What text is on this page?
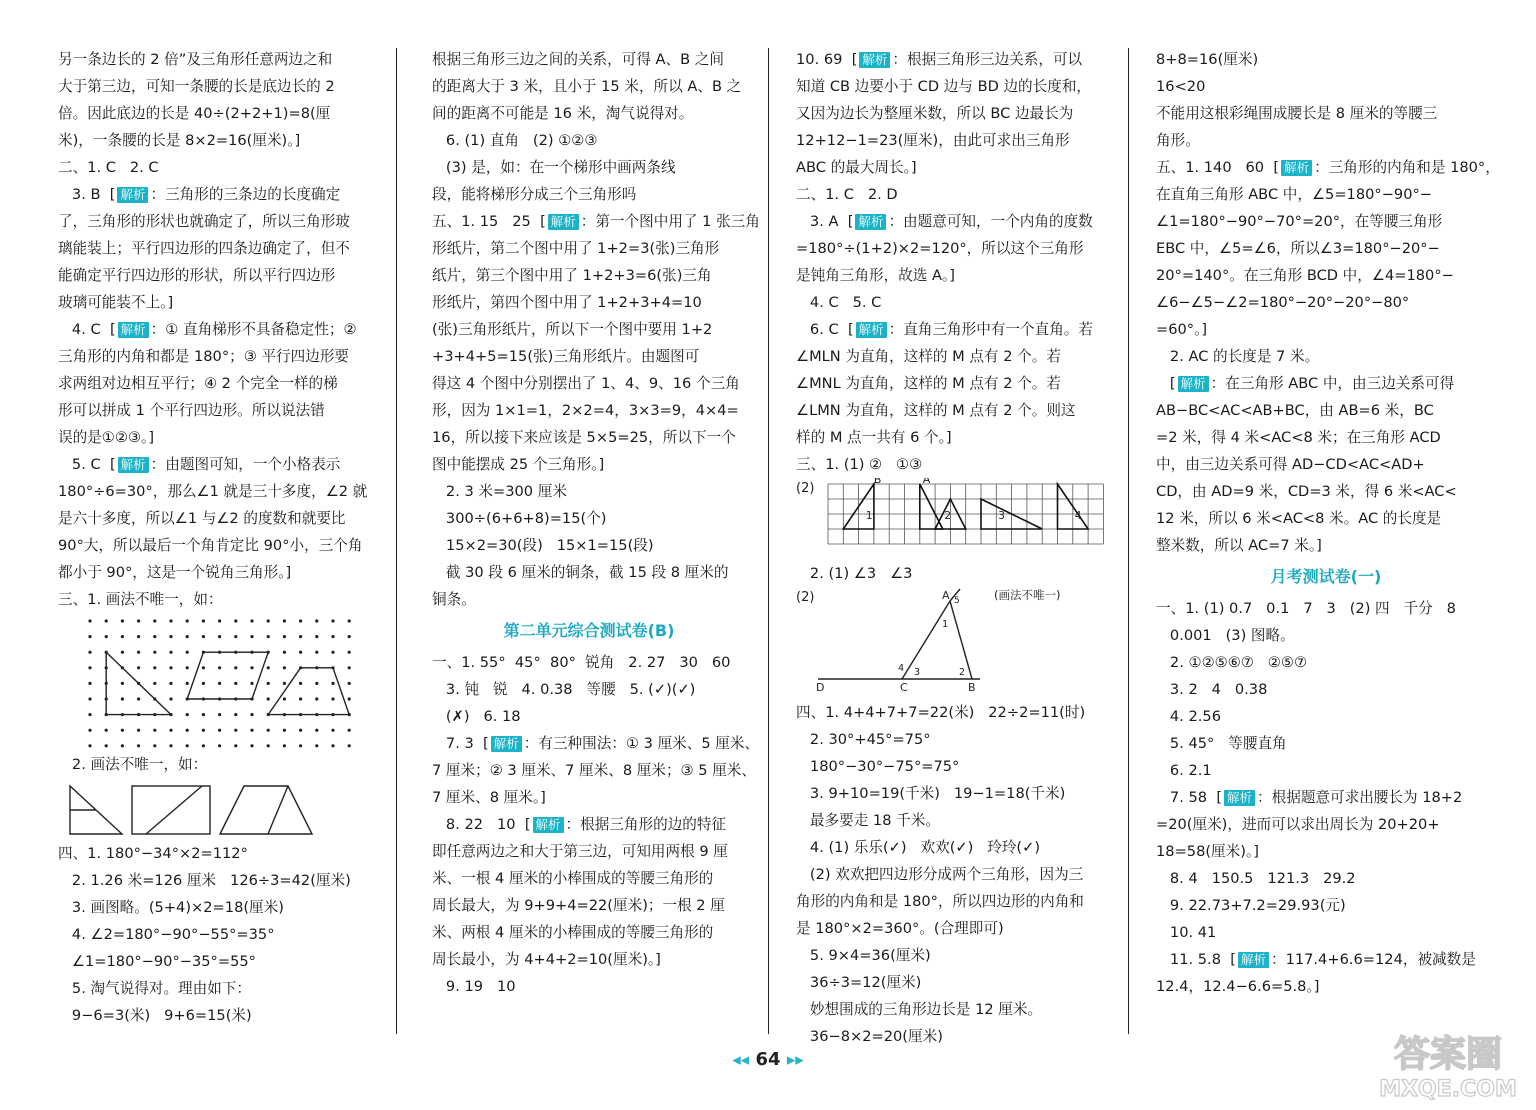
另一条边长的 2 倍”及三角形任意两边之和
大于第三边，可知一条腰的长是底边长的 2
倍。因此底边的长是 40÷(2+2+1)=8(厘
米)，一条腰的长是 8×2=16(厘米)。]
二、1. C   2. C
3. B  [ 解析 ：三角形的三条边的长度确定
了，三角形的形状也就确定了，所以三角形玻
璃能装上；平行四边形的四条边确定了，但不
能确定平行四边形的形状，所以平行四边形
玻璃可能装不上。]
4. C  [ 解析 ：① 直角梯形不具备稳定性；②
三角形的内角和都是 180°；③ 平行四边形要
求两组对边相互平行；④ 2 个完全一样的梯
形可以拼成 1 个平行四边形。所以说法错
误的是①②③。]
5. C  [ 解析 ：由题图可知，一个小格表示
180°÷6=30°，那么∠1 就是三十多度，∠2 就
是六十多度，所以∠1 与∠2 的度数和就要比
90°大，所以最后一个角肯定比 90°小，三个角
都小于 90°，这是一个锐角三角形。]
三、1. 画法不唯一，如：
2. 画法不唯一，如：
四、1. 180°−34°×2=112°
2. 1.26 米=126 厘米   126÷3=42(厘米)
3. 画图略。(5+4)×2=18(厘米)
4. ∠2=180°−90°−55°=35°
∠1=180°−90°−35°=55°
5. 淘气说得对。理由如下：
9−6=3(米)   9+6=15(米)
根据三角形三边之间的关系，可得 A、B 之间
的距离大于 3 米，且小于 15 米，所以 A、B 之
间的距离不可能是 16 米，淘气说得对。
6. (1) 直角   (2) ①②③
(3) 是，如：在一个梯形中画两条线
段，能将梯形分成三个三角形吗
五、1. 15   25  [ 解析 ：第一个图中用了 1 张三角
形纸片，第二个图中用了 1+2=3(张)三角形
纸片，第三个图中用了 1+2+3=6(张)三角
形纸片，第四个图中用了 1+2+3+4=10
(张)三角形纸片，所以下一个图中要用 1+2
+3+4+5=15(张)三角形纸片。由题图可
得这 4 个图中分别摆出了 1、4、9、16 个三角
形，因为 1×1=1，2×2=4，3×3=9，4×4=
16，所以接下来应该是 5×5=25，所以下一个
图中能摆成 25 个三角形。]
2. 3 米=300 厘米
300÷(6+6+8)=15(个)
15×2=30(段)   15×1=15(段)
截 30 段 6 厘米的铜条，截 15 段 8 厘米的
铜条。
第二单元综合测试卷(B)
一、1. 55°  45°  80°  锐角   2. 27   30   60
3. 钝   锐   4. 0.38   等腰   5. (✓)(✓)
(✗)   6. 18
7. 3  [ 解析 ：有三种围法：① 3 厘米、5 厘米、
7 厘米；② 3 厘米、7 厘米、8 厘米；③ 5 厘米、
7 厘米、8 厘米。]
8. 22   10  [ 解析 ：根据三角形的边的特征
即任意两边之和大于第三边，可知用两根 9 厘
米、一根 4 厘米的小棒围成的等腰三角形的
周长最大，为 9+9+4=22(厘米)；一根 2 厘
米、两根 4 厘米的小棒围成的等腰三角形的
周长最小，为 4+4+2=10(厘米)。]
9. 19   10
10. 69  [ 解析 ：根据三角形三边关系，可以
知道 CB 边要小于 CD 边与 BD 边的长度和，
又因为边长为整厘米数，所以 BC 边最长为
12+12−1=23(厘米)，由此可求出三角形
ABC 的最大周长。]
二、1. C   2. D
3. A  [ 解析 ：由题意可知，一个内角的度数
=180°÷(1+2)×2=120°，所以这个三角形
是钝角三角形，故选 A。]
4. C   5. C
6. C  [ 解析 ：直角三角形中有一个直角。若
∠MLN 为直角，这样的 M 点有 2 个。若
∠MNL 为直角，这样的 M 点有 2 个。若
∠LMN 为直角，这样的 M 点有 2 个。则这
样的 M 点一共有 6 个。]
三、1. (1) ②   ①③
(2)
B	A
1	2	3	4
2. (1) ∠3   ∠3
(2)	(画法不唯一)
A 5
1
4 3	2
D	C	B
四、1. 4+4+7+7=22(米)   22÷2=11(时)
2. 30°+45°=75°
180°−30°−75°=75°
3. 9+10=19(千米)   19−1=18(千米)
最多要走 18 千米。
4. (1) 乐乐(✓)   欢欢(✓)   玲玲(✓)
(2) 欢欢把四边形分成两个三角形，因为三
角形的内角和是 180°，所以四边形的内角和
是 180°×2=360°。(合理即可)
5. 9×4=36(厘米)
36÷3=12(厘米)
妙想围成的三角形边长是 12 厘米。
36−8×2=20(厘米)
8+8=16(厘米)
16<20
不能用这根彩绳围成腰长是 8 厘米的等腰三
角形。
五、1. 140   60  [ 解析 ：三角形的内角和是 180°，
在直角三角形 ABC 中，∠5=180°−90°−
∠1=180°−90°−70°=20°，在等腰三角形
EBC 中，∠5=∠6，所以∠3=180°−20°−
20°=140°。在三角形 BCD 中，∠4=180°−
∠6−∠5−∠2=180°−20°−20°−80°
=60°。]
2. AC 的长度是 7 米。
[ 解析 ：在三角形 ABC 中，由三边关系可得
AB−BC<AC<AB+BC，由 AB=6 米，BC
=2 米，得 4 米<AC<8 米；在三角形 ACD
中，由三边关系可得 AD−CD<AC<AD+
CD，由 AD=9 米，CD=3 米，得 6 米<AC<
12 米，所以 6 米<AC<8 米。AC 的长度是
整米数，所以 AC=7 米。]
月考测试卷(一)
一、1. (1) 0.7   0.1   7   3   (2) 四   千分   8
0.001   (3) 图略。
2. ①②⑤⑥⑦   ②⑤⑦
3. 2   4   0.38
4. 2.56
5. 45°   等腰直角
6. 2.1
7. 58  [ 解析 ：根据题意可求出腰长为 18+2
=20(厘米)，进而可以求出周长为 20+20+
18=58(厘米)。]
8. 4   150.5   121.3   29.2
9. 22.73+7.2=29.93(元)
10. 41
11. 5.8  [ 解析 ：117.4+6.6=124，被减数是
12.4，12.4−6.6=5.8。]
◀◀ 64 ▶▶	答案圈
MXQE.COM
